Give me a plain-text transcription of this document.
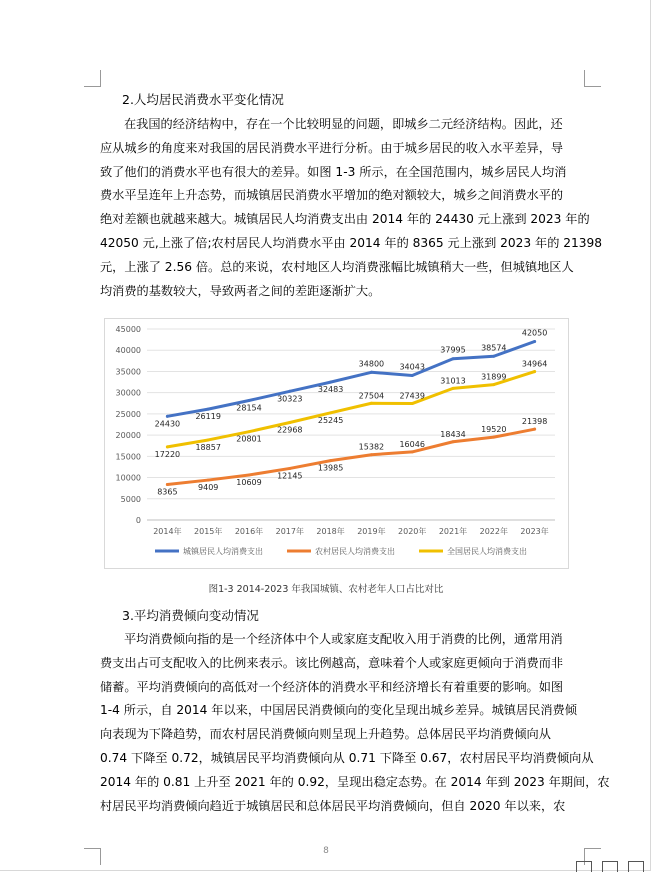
2.人均居民消费水平变化情况
在我国的经济结构中，存在一个比较明显的问题，即城乡二元经济结构。因此，还
应从城乡的角度来对我国的居民消费水平进行分析。由于城乡居民的收入水平差异，导
致了他们的消费水平也有很大的差异。如图 1-3 所示，在全国范围内，城乡居民人均消
费水平呈连年上升态势，而城镇居民消费水平增加的绝对额较大，城乡之间消费水平的
绝对差额也就越来越大。城镇居民人均消费支出由 2014 年的 24430 元上涨到 2023 年的
42050 元,上涨了倍;农村居民人均消费水平由 2014 年的 8365 元上涨到 2023 年的 21398
元，上涨了 2.56 倍。总的来说，农村地区人均消费涨幅比城镇稍大一些，但城镇地区人
均消费的基数较大，导致两者之间的差距逐渐扩大。
0
5000
10000
15000
20000
25000
30000
35000
40000
45000
2014年 2015年 2016年 2017年 2018年 2019年 2020年 2021年 2022年 2023年
24430
26119
28154
30323
32483
34800 34043
37995 38574
42050
8365	9409
10609
12145
13985
15382 16046
18434
19520
21398
17220
18857
20801
22968
25245
27504 27439
31013 31899
34964
城镇居民人均消费支出	农村居民人均消费支出	全国居民人均消费支出
图1-3 2014-2023 年我国城镇、农村老年人口占比对比
3.平均消费倾向变动情况
平均消费倾向指的是一个经济体中个人或家庭支配收入用于消费的比例，通常用消
费支出占可支配收入的比例来表示。该比例越高，意味着个人或家庭更倾向于消费而非
储蓄。平均消费倾向的高低对一个经济体的消费水平和经济增长有着重要的影响。如图
1-4 所示，自 2014 年以来，中国居民消费倾向的变化呈现出城乡差异。城镇居民消费倾
向表现为下降趋势，而农村居民消费倾向则呈现上升趋势。总体居民平均消费倾向从
0.74 下降至 0.72，城镇居民平均消费倾向从 0.71 下降至 0.67，农村居民平均消费倾向从
2014 年的 0.81 上升至 2021 年的 0.92，呈现出稳定态势。在 2014 年到 2023 年期间，农
村居民平均消费倾向趋近于城镇居民和总体居民平均消费倾向，但自 2020 年以来，农
8
